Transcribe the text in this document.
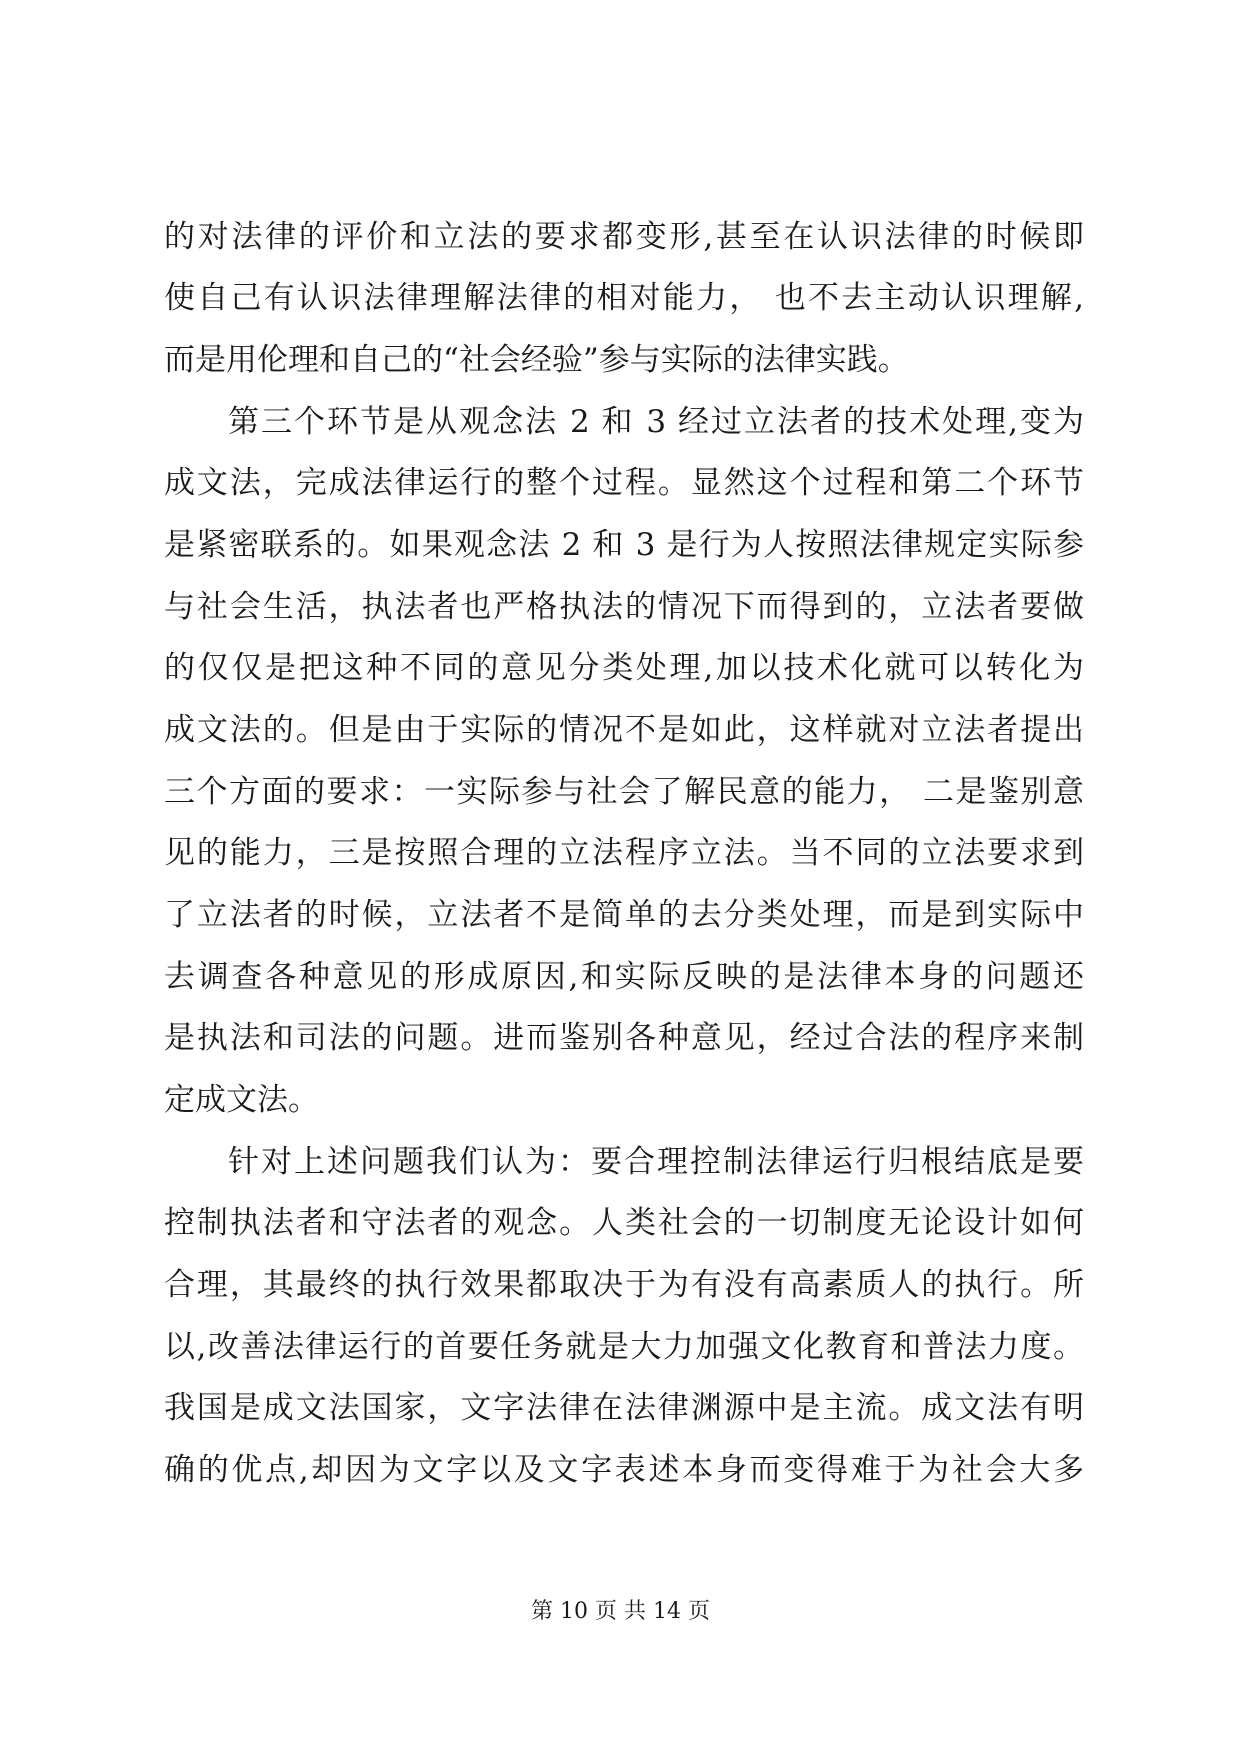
的对法律的评价和立法的要求都变形,甚至在认识法律的时候即
使自己有认识法律理解法律的相对能力， 也不去主动认识理解,
而是用伦理和自己的“社会经验”参与实际的法律实践。
第三个环节是从观念法 2 和 3 经过立法者的技术处理,变为
成文法，完成法律运行的整个过程。显然这个过程和第二个环节
是紧密联系的。如果观念法 2 和 3 是行为人按照法律规定实际参
与社会生活，执法者也严格执法的情况下而得到的，立法者要做
的仅仅是把这种不同的意见分类处理,加以技术化就可以转化为
成文法的。但是由于实际的情况不是如此，这样就对立法者提出
三个方面的要求：一实际参与社会了解民意的能力， 二是鉴别意
见的能力，三是按照合理的立法程序立法。当不同的立法要求到
了立法者的时候，立法者不是简单的去分类处理，而是到实际中
去调查各种意见的形成原因,和实际反映的是法律本身的问题还
是执法和司法的问题。进而鉴别各种意见，经过合法的程序来制
定成文法。
针对上述问题我们认为：要合理控制法律运行归根结底是要
控制执法者和守法者的观念。人类社会的一切制度无论设计如何
合理，其最终的执行效果都取决于为有没有高素质人的执行。所
以,改善法律运行的首要任务就是大力加强文化教育和普法力度。
我国是成文法国家，文字法律在法律渊源中是主流。成文法有明
确的优点,却因为文字以及文字表述本身而变得难于为社会大多
第 10 页 共 14 页
